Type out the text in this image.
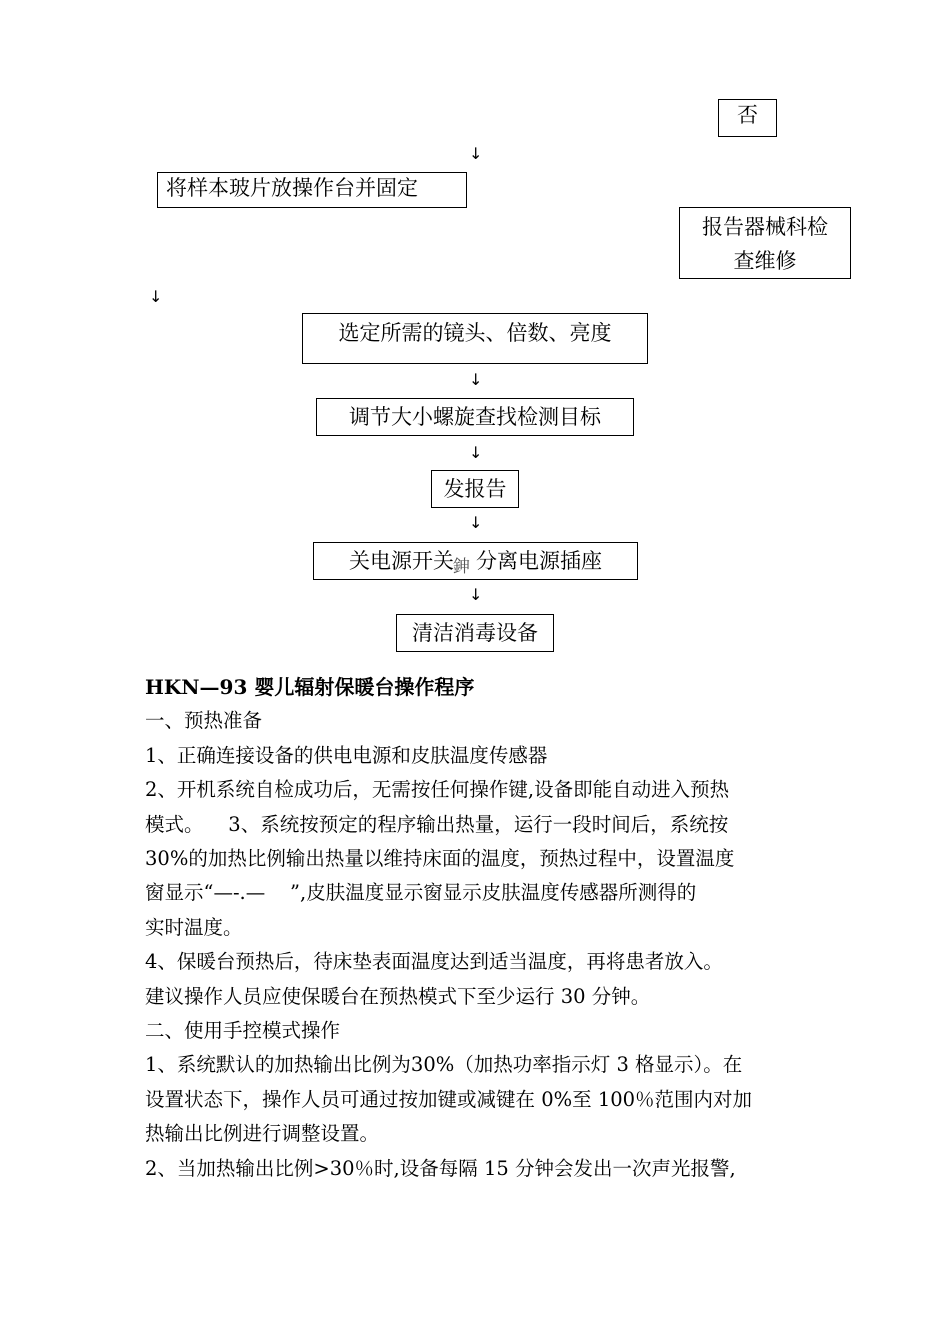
否
↓
将样本玻片放操作台并固定
报告器械科检
查维修
↓
选定所需的镜头、倍数、亮度
↓
调节大小螺旋查找检测目标
↓
发报告
↓
关电源开关 分离电源插座
鉮
↓
清洁消毒设备
HKN—93 婴儿辐射保暖台操作程序
一、预热准备
1、正确连接设备的供电电源和皮肤温度传感器
2、开机系统自检成功后，无需按任何操作键,设备即能自动进入预热
模式。    3、系统按预定的程序输出热量，运行一段时间后，系统按
30%的加热比例输出热量以维持床面的温度，预热过程中，设置温度
窗显示“—-.—    ”,皮肤温度显示窗显示皮肤温度传感器所测得的
实时温度。
4、保暖台预热后，待床垫表面温度达到适当温度，再将患者放入。
建议操作人员应使保暖台在预热模式下至少运行 30 分钟。
二、使用手控模式操作
1、系统默认的加热输出比例为30%（加热功率指示灯 3 格显示）。在
设置状态下，操作人员可通过按加键或减键在 0%至 100％范围内对加
热输出比例进行调整设置。
2、当加热输出比例>30％时,设备每隔 15 分钟会发出一次声光报警,
